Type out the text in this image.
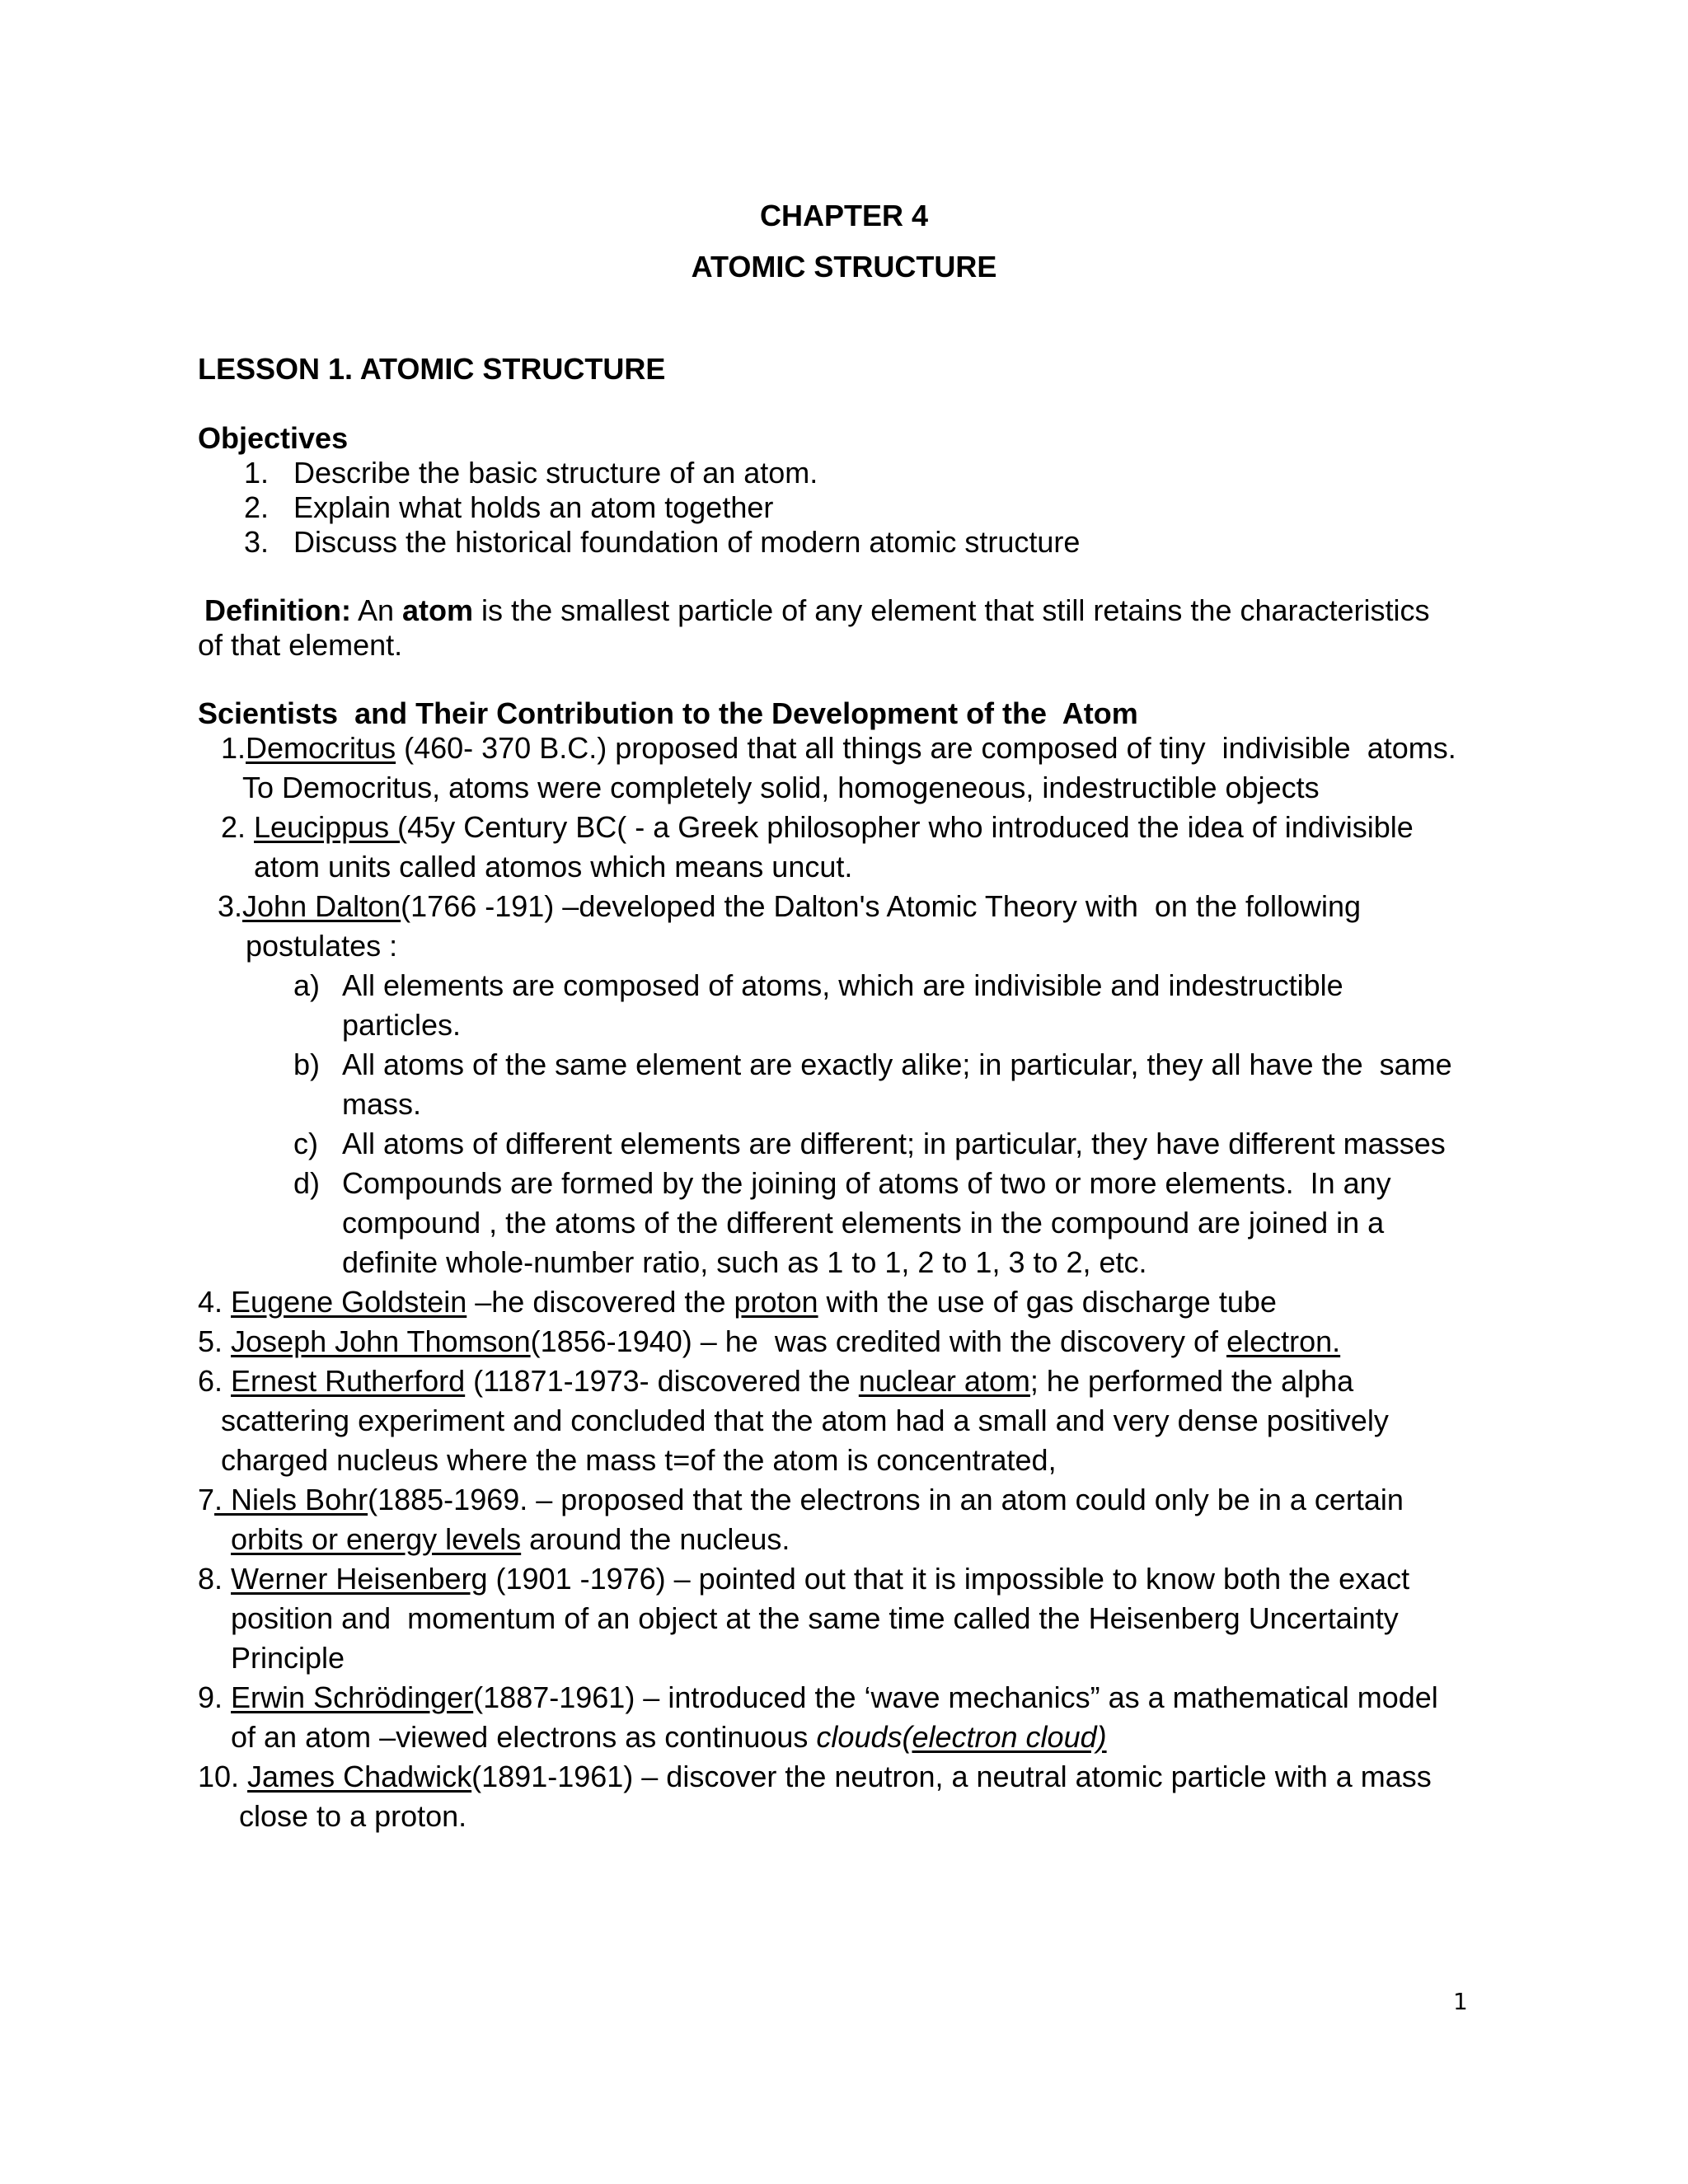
CHAPTER 4
ATOMIC STRUCTURE
LESSON 1. ATOMIC STRUCTURE
Objectives
1. Describe the basic structure of an atom.
2. Explain what holds an atom together
3. Discuss the historical foundation of modern atomic structure
Definition: An atom is the smallest particle of any element that still retains the characteristics
of that element.
Scientists  and Their Contribution to the Development of the  Atom
1.Democritus (460- 370 B.C.) proposed that all things are composed of tiny  indivisible  atoms.
To Democritus, atoms were completely solid, homogeneous, indestructible objects
2. Leucippus (45y Century BC( - a Greek philosopher who introduced the idea of indivisible
atom units called atomos which means uncut.
3.John Dalton(1766 -191) –developed the Dalton's Atomic Theory with  on the following
postulates :
a) All elements are composed of atoms, which are indivisible and indestructible
particles.
b) All atoms of the same element are exactly alike; in particular, they all have the  same
mass.
c) All atoms of different elements are different; in particular, they have different masses
d) Compounds are formed by the joining of atoms of two or more elements.  In any
compound , the atoms of the different elements in the compound are joined in a
definite whole-number ratio, such as 1 to 1, 2 to 1, 3 to 2, etc.
4. Eugene Goldstein –he discovered the proton with the use of gas discharge tube
5. Joseph John Thomson(1856-1940) – he  was credited with the discovery of electron.
6. Ernest Rutherford (11871-1973- discovered the nuclear atom; he performed the alpha
scattering experiment and concluded that the atom had a small and very dense positively
charged nucleus where the mass t=of the atom is concentrated,
7. Niels Bohr(1885-1969. – proposed that the electrons in an atom could only be in a certain
orbits or energy levels around the nucleus.
8. Werner Heisenberg (1901 -1976) – pointed out that it is impossible to know both the exact
position and  momentum of an object at the same time called the Heisenberg Uncertainty
Principle
9. Erwin Schrödinger(1887-1961) – introduced the ‘wave mechanics” as a mathematical model
of an atom –viewed electrons as continuous clouds(electron cloud)
10. James Chadwick(1891-1961) – discover the neutron, a neutral atomic particle with a mass
close to a proton.
1
